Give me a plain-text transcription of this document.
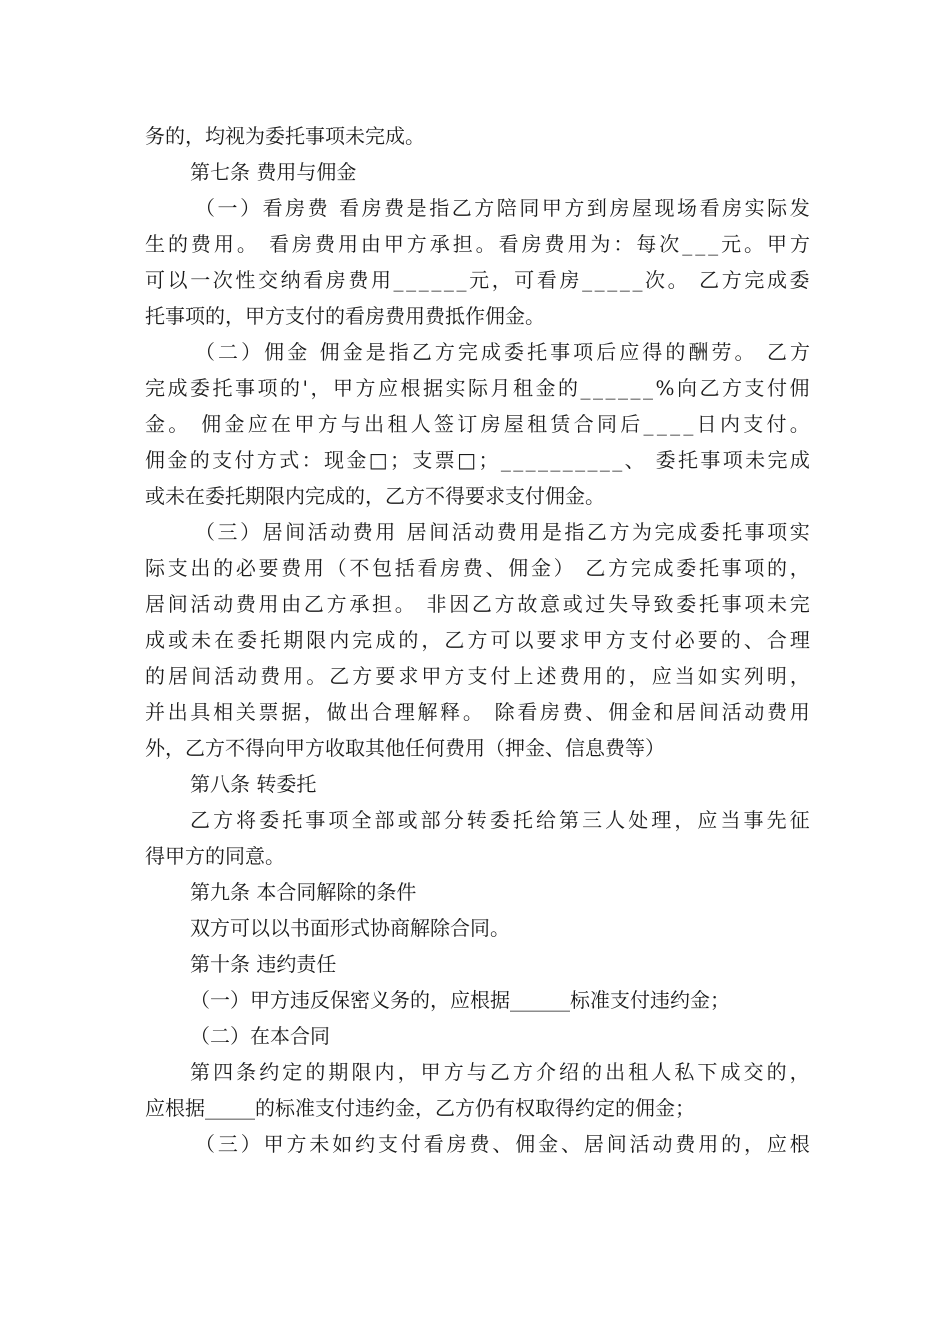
务的，均视为委托事项未完成。
第七条 费用与佣金
（ 一 ） 看 房 费
看 房 费 是 指 乙 方 陪 同 甲 方 到 房 屋 现 场 看 房 实 际 发
生 的 费 用 。
看 房 费 用 由 甲 方 承 担 。 看 房 费 用 为 ： 每 次 _ _ _ 元 。 甲 方
可 以 一 次 性 交 纳 看 房 费 用 _ _ _ _ _ _ 元 ， 可 看 房 _ _ _ _ _ 次 。
乙 方 完 成 委
托事项的，甲方支付的看房费用费抵作佣金。
（ 二 ） 佣 金
佣 金 是 指 乙 方 完 成 委 托 事 项 后 应 得 的 酬 劳 。
乙 方
完 成 委 托 事 项 的 ' ， 甲 方 应 根 据 实 际 月 租 金 的 _ _ _ _ _ _ % 向 乙 方 支 付 佣
金 。
佣 金 应 在 甲 方 与 出 租 人 签 订 房 屋 租 赁 合 同 后 _ _ _ _ 日 内 支 付 。
佣 金 的 支 付 方 式 ： 现 金 □ ； 支 票 □ ； _ _ _ _ _ _ _ _ _ _ 、
委 托 事 项 未 完 成
或未在委托期限内完成的，乙方不得要求支付佣金。
（ 三 ） 居 间 活 动 费 用
居 间 活 动 费 用 是 指 乙 方 为 完 成 委 托 事 项 实
际 支 出 的 必 要 费 用 （ 不 包 括 看 房 费 、 佣 金 ）
乙 方 完 成 委 托 事 项 的 ，
居 间 活 动 费 用 由 乙 方 承 担 。
非 因 乙 方 故 意 或 过 失 导 致 委 托 事 项 未 完
成 或 未 在 委 托 期 限 内 完 成 的 ， 乙 方 可 以 要 求 甲 方 支 付 必 要 的 、 合 理
的 居 间 活 动 费 用 。 乙 方 要 求 甲 方 支 付 上 述 费 用 的 ， 应 当 如 实 列 明 ，
并 出 具 相 关 票 据 ， 做 出 合 理 解 释 。
除 看 房 费 、 佣 金 和 居 间 活 动 费 用
外，乙方不得向甲方收取其他任何费用（押金、信息费等）
第八条 转委托
乙 方 将 委 托 事 项 全 部 或 部 分 转 委 托 给 第 三 人 处 理 ， 应 当 事 先 征
得甲方的同意。
第九条 本合同解除的条件
双方可以以书面形式协商解除合同。
第十条 违约责任
（一）甲方违反保密义务的，应根据______标准支付违约金；
（二）在本合同
第 四 条 约 定 的 期 限 内 ， 甲 方 与 乙 方 介 绍 的 出 租 人 私 下 成 交 的 ，
应根据_____的标准支付违约金，乙方仍有权取得约定的佣金；
（ 三 ） 甲 方 未 如 约 支 付 看 房 费 、 佣 金 、 居 间 活 动 费 用 的 ， 应 根
